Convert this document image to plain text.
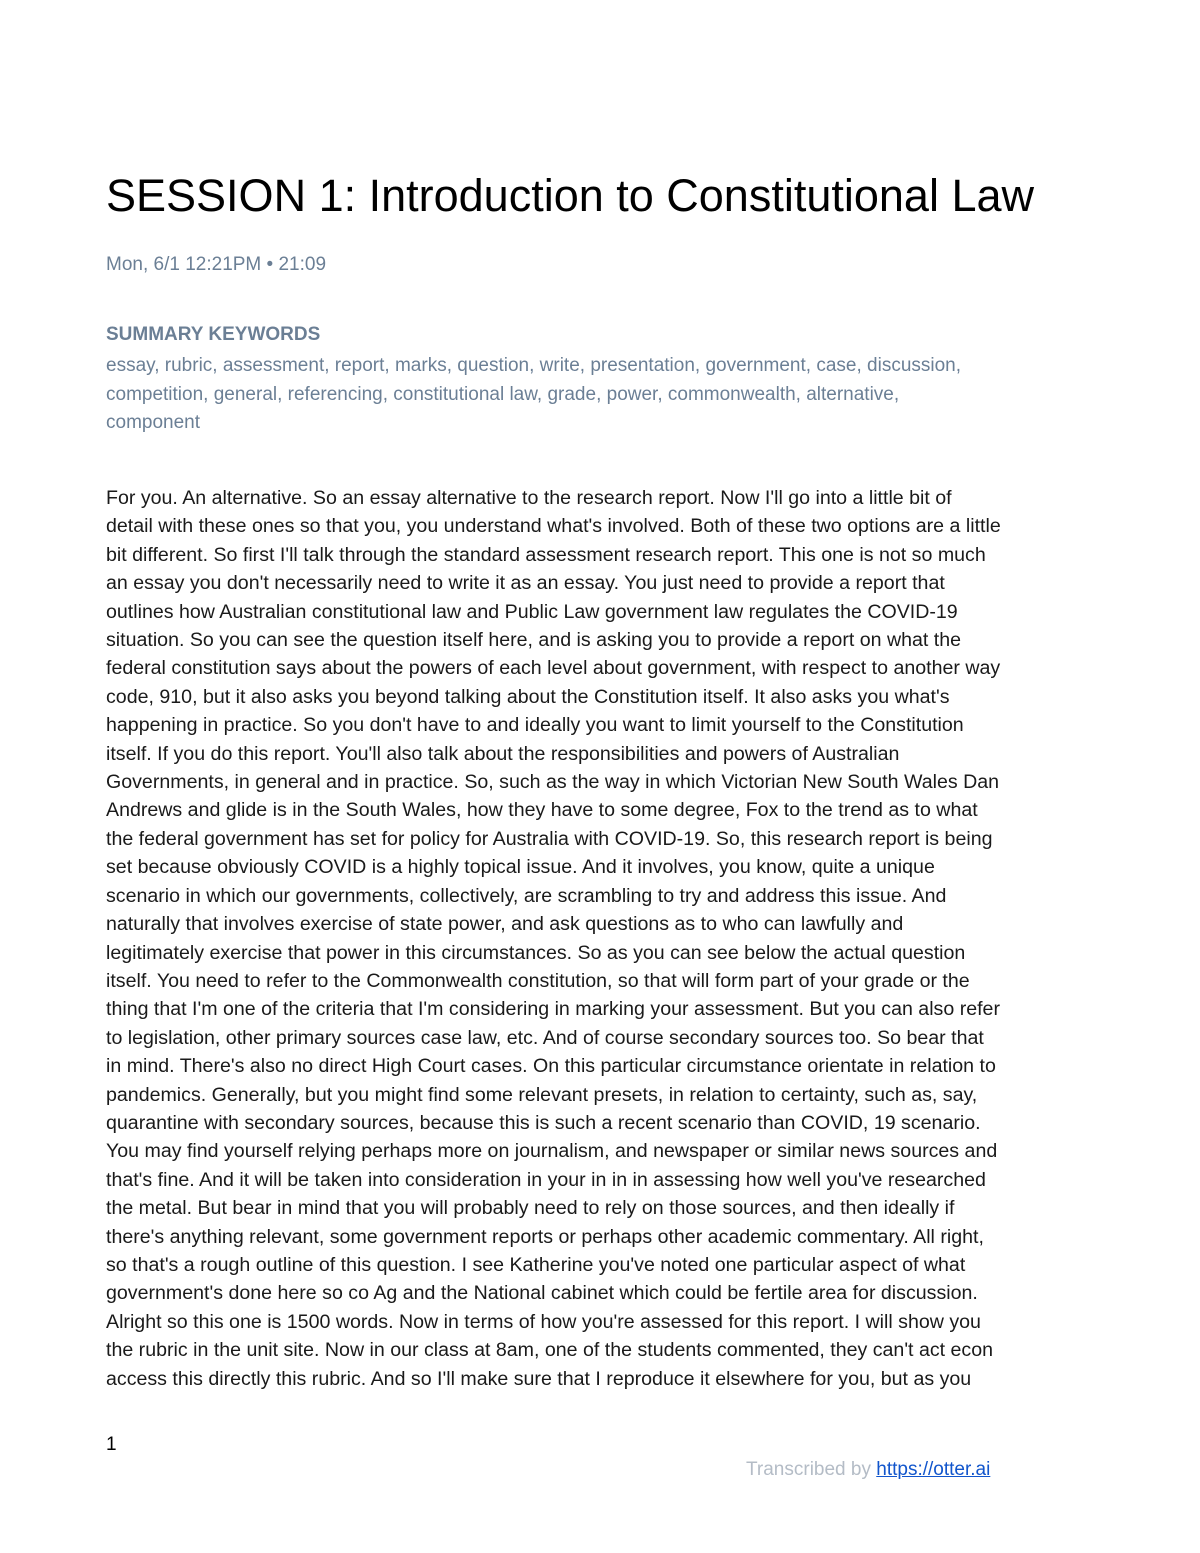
SESSION 1: Introduction to Constitutional Law
Mon, 6/1 12:21PM • 21:09
SUMMARY KEYWORDS
essay, rubric, assessment, report, marks, question, write, presentation, government, case, discussion,
competition, general, referencing, constitutional law, grade, power, commonwealth, alternative,
component
For you. An alternative. So an essay alternative to the research report. Now I'll go into a little bit of
detail with these ones so that you, you understand what's involved. Both of these two options are a little
bit different. So first I'll talk through the standard assessment research report. This one is not so much
an essay you don't necessarily need to write it as an essay. You just need to provide a report that
outlines how Australian constitutional law and Public Law government law regulates the COVID-19
situation. So you can see the question itself here, and is asking you to provide a report on what the
federal constitution says about the powers of each level about government, with respect to another way
code, 910, but it also asks you beyond talking about the Constitution itself. It also asks you what's
happening in practice. So you don't have to and ideally you want to limit yourself to the Constitution
itself. If you do this report. You'll also talk about the responsibilities and powers of Australian
Governments, in general and in practice. So, such as the way in which Victorian New South Wales Dan
Andrews and glide is in the South Wales, how they have to some degree, Fox to the trend as to what
the federal government has set for policy for Australia with COVID-19. So, this research report is being
set because obviously COVID is a highly topical issue. And it involves, you know, quite a unique
scenario in which our governments, collectively, are scrambling to try and address this issue. And
naturally that involves exercise of state power, and ask questions as to who can lawfully and
legitimately exercise that power in this circumstances. So as you can see below the actual question
itself. You need to refer to the Commonwealth constitution, so that will form part of your grade or the
thing that I'm one of the criteria that I'm considering in marking your assessment. But you can also refer
to legislation, other primary sources case law, etc. And of course secondary sources too. So bear that
in mind. There's also no direct High Court cases. On this particular circumstance orientate in relation to
pandemics. Generally, but you might find some relevant presets, in relation to certainty, such as, say,
quarantine with secondary sources, because this is such a recent scenario than COVID, 19 scenario.
You may find yourself relying perhaps more on journalism, and newspaper or similar news sources and
that's fine. And it will be taken into consideration in your in in in assessing how well you've researched
the metal. But bear in mind that you will probably need to rely on those sources, and then ideally if
there's anything relevant, some government reports or perhaps other academic commentary. All right,
so that's a rough outline of this question. I see Katherine you've noted one particular aspect of what
government's done here so co Ag and the National cabinet which could be fertile area for discussion.
Alright so this one is 1500 words. Now in terms of how you're assessed for this report. I will show you
the rubric in the unit site. Now in our class at 8am, one of the students commented, they can't act econ
access this directly this rubric. And so I'll make sure that I reproduce it elsewhere for you, but as you
1
Transcribed by https://otter.ai
